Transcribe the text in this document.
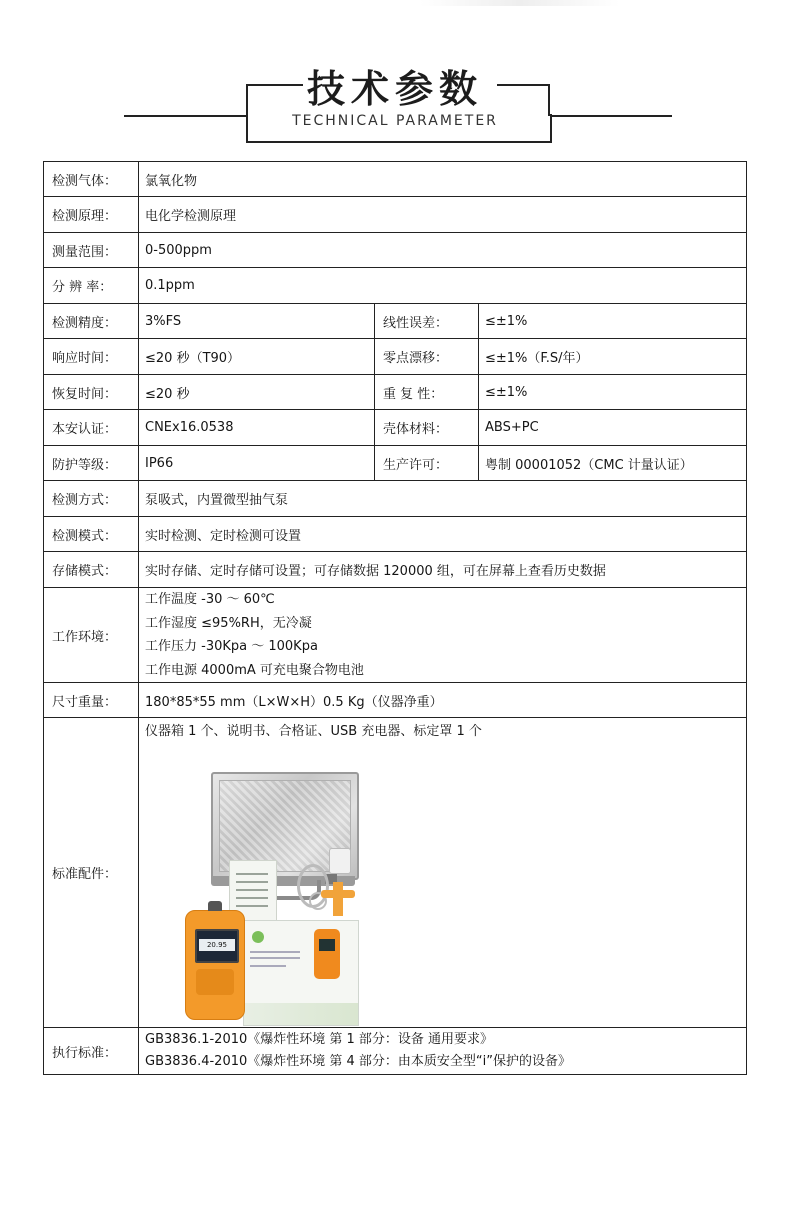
技术参数
TECHNICAL PARAMETER
检测气体：	氯氧化物		
检测原理：	电化学检测原理		
测量范围：	0-500ppm		
分 辨 率：	0.1ppm		
检测精度：	3%FS	线性误差：	≤±1%
响应时间：	≤20 秒（T90）	零点漂移：	≤±1%（F.S/年）
恢复时间：	≤20 秒	重 复 性：	≤±1%
本安认证：	CNEx16.0538	壳体材料：	ABS+PC
防护等级：	IP66	生产许可：	粤制 00001052（CMC 计量认证）
检测方式：	泵吸式，内置微型抽气泵		
检测模式：	实时检测、定时检测可设置		
存储模式：	实时存储、定时存储可设置；可存储数据 120000 组，可在屏幕上查看历史数据		
工作环境：	工作温度 -30 ～ 60℃
工作湿度 ≤95%RH，无冷凝
工作压力 -30Kpa ～ 100Kpa
工作电源 4000mA 可充电聚合物电池		

尺寸重量：	180*85*55 mm（L×W×H）0.5 Kg（仪器净重）		
标准配件：	仪器箱 1 个、说明书、合格证、USB 充电器、标定罩 1 个
20.95		

执行标准：	GB3836.1-2010《爆炸性环境 第 1 部分：设备 通用要求》
GB3836.4-2010《爆炸性环境 第 4 部分：由本质安全型“i”保护的设备》		
